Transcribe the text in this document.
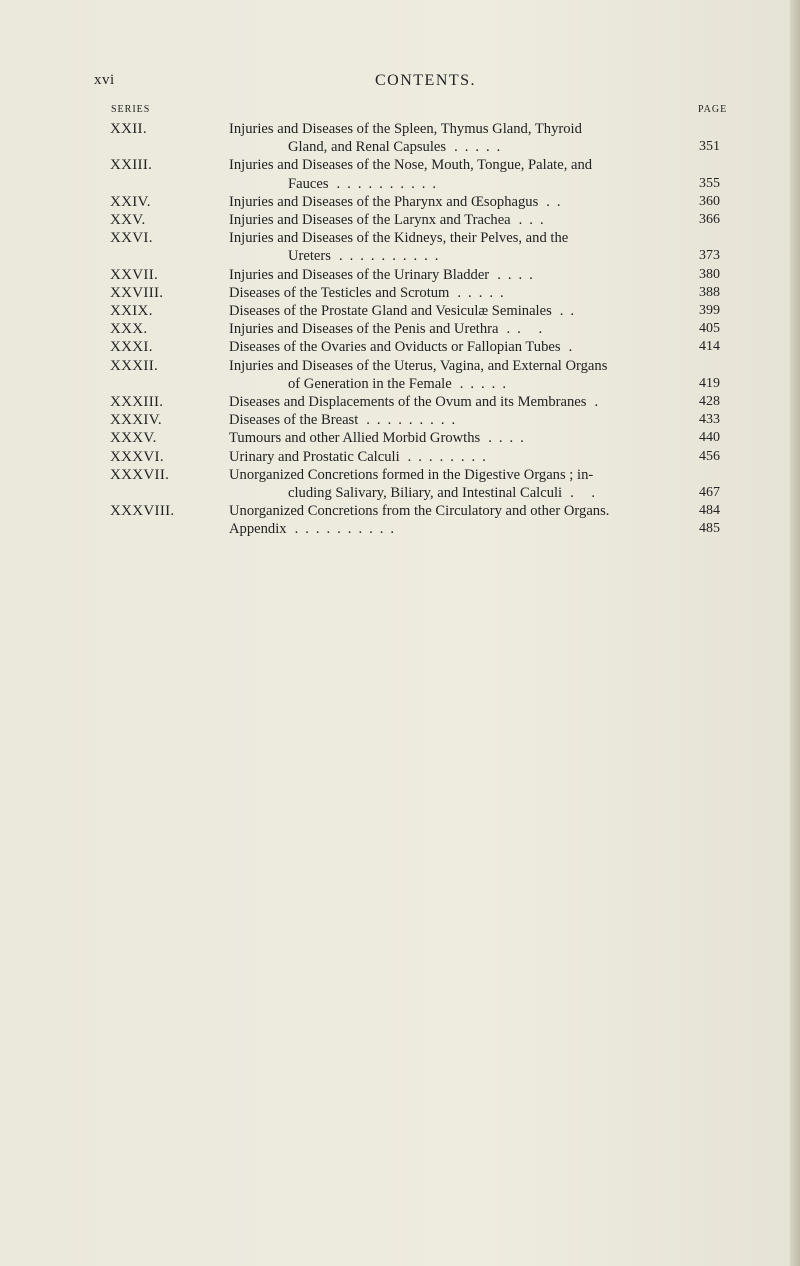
xvi	CONTENTS.
SERIES	PAGE
XXII.	Injuries and Diseases of the Spleen, Thymus Gland, Thyroid
Gland, and Renal Capsules .....	351
XXIII.	Injuries and Diseases of the Nose, Mouth, Tongue, Palate, and
Fauces ..........	355
XXIV.	Injuries and Diseases of the Pharynx and Œsophagus ..	360
XXV.	Injuries and Diseases of the Larynx and Trachea ...	366
XXVI.	Injuries and Diseases of the Kidneys, their Pelves, and the
Ureters ..........	373
XXVII.	Injuries and Diseases of the Urinary Bladder ....	380
XXVIII.	Diseases of the Testicles and Scrotum .....	388
XXIX.	Diseases of the Prostate Gland and Vesiculæ Seminales ..	399
XXX.	Injuries and Diseases of the Penis and Urethra .. .	405
XXXI.	Diseases of the Ovaries and Oviducts or Fallopian Tubes .	414
XXXII.	Injuries and Diseases of the Uterus, Vagina, and External Organs
of Generation in the Female .....	419
XXXIII.	Diseases and Displacements of the Ovum and its Membranes .	428
XXXIV.	Diseases of the Breast .........	433
XXXV.	Tumours and other Allied Morbid Growths ....	440
XXXVI.	Urinary and Prostatic Calculi ........	456
XXXVII.	Unorganized Concretions formed in the Digestive Organs ; in-
cluding Salivary, Biliary, and Intestinal Calculi . .	467
XXXVIII.	Unorganized Concretions from the Circulatory and other Organs.	484
Appendix ..........	485
